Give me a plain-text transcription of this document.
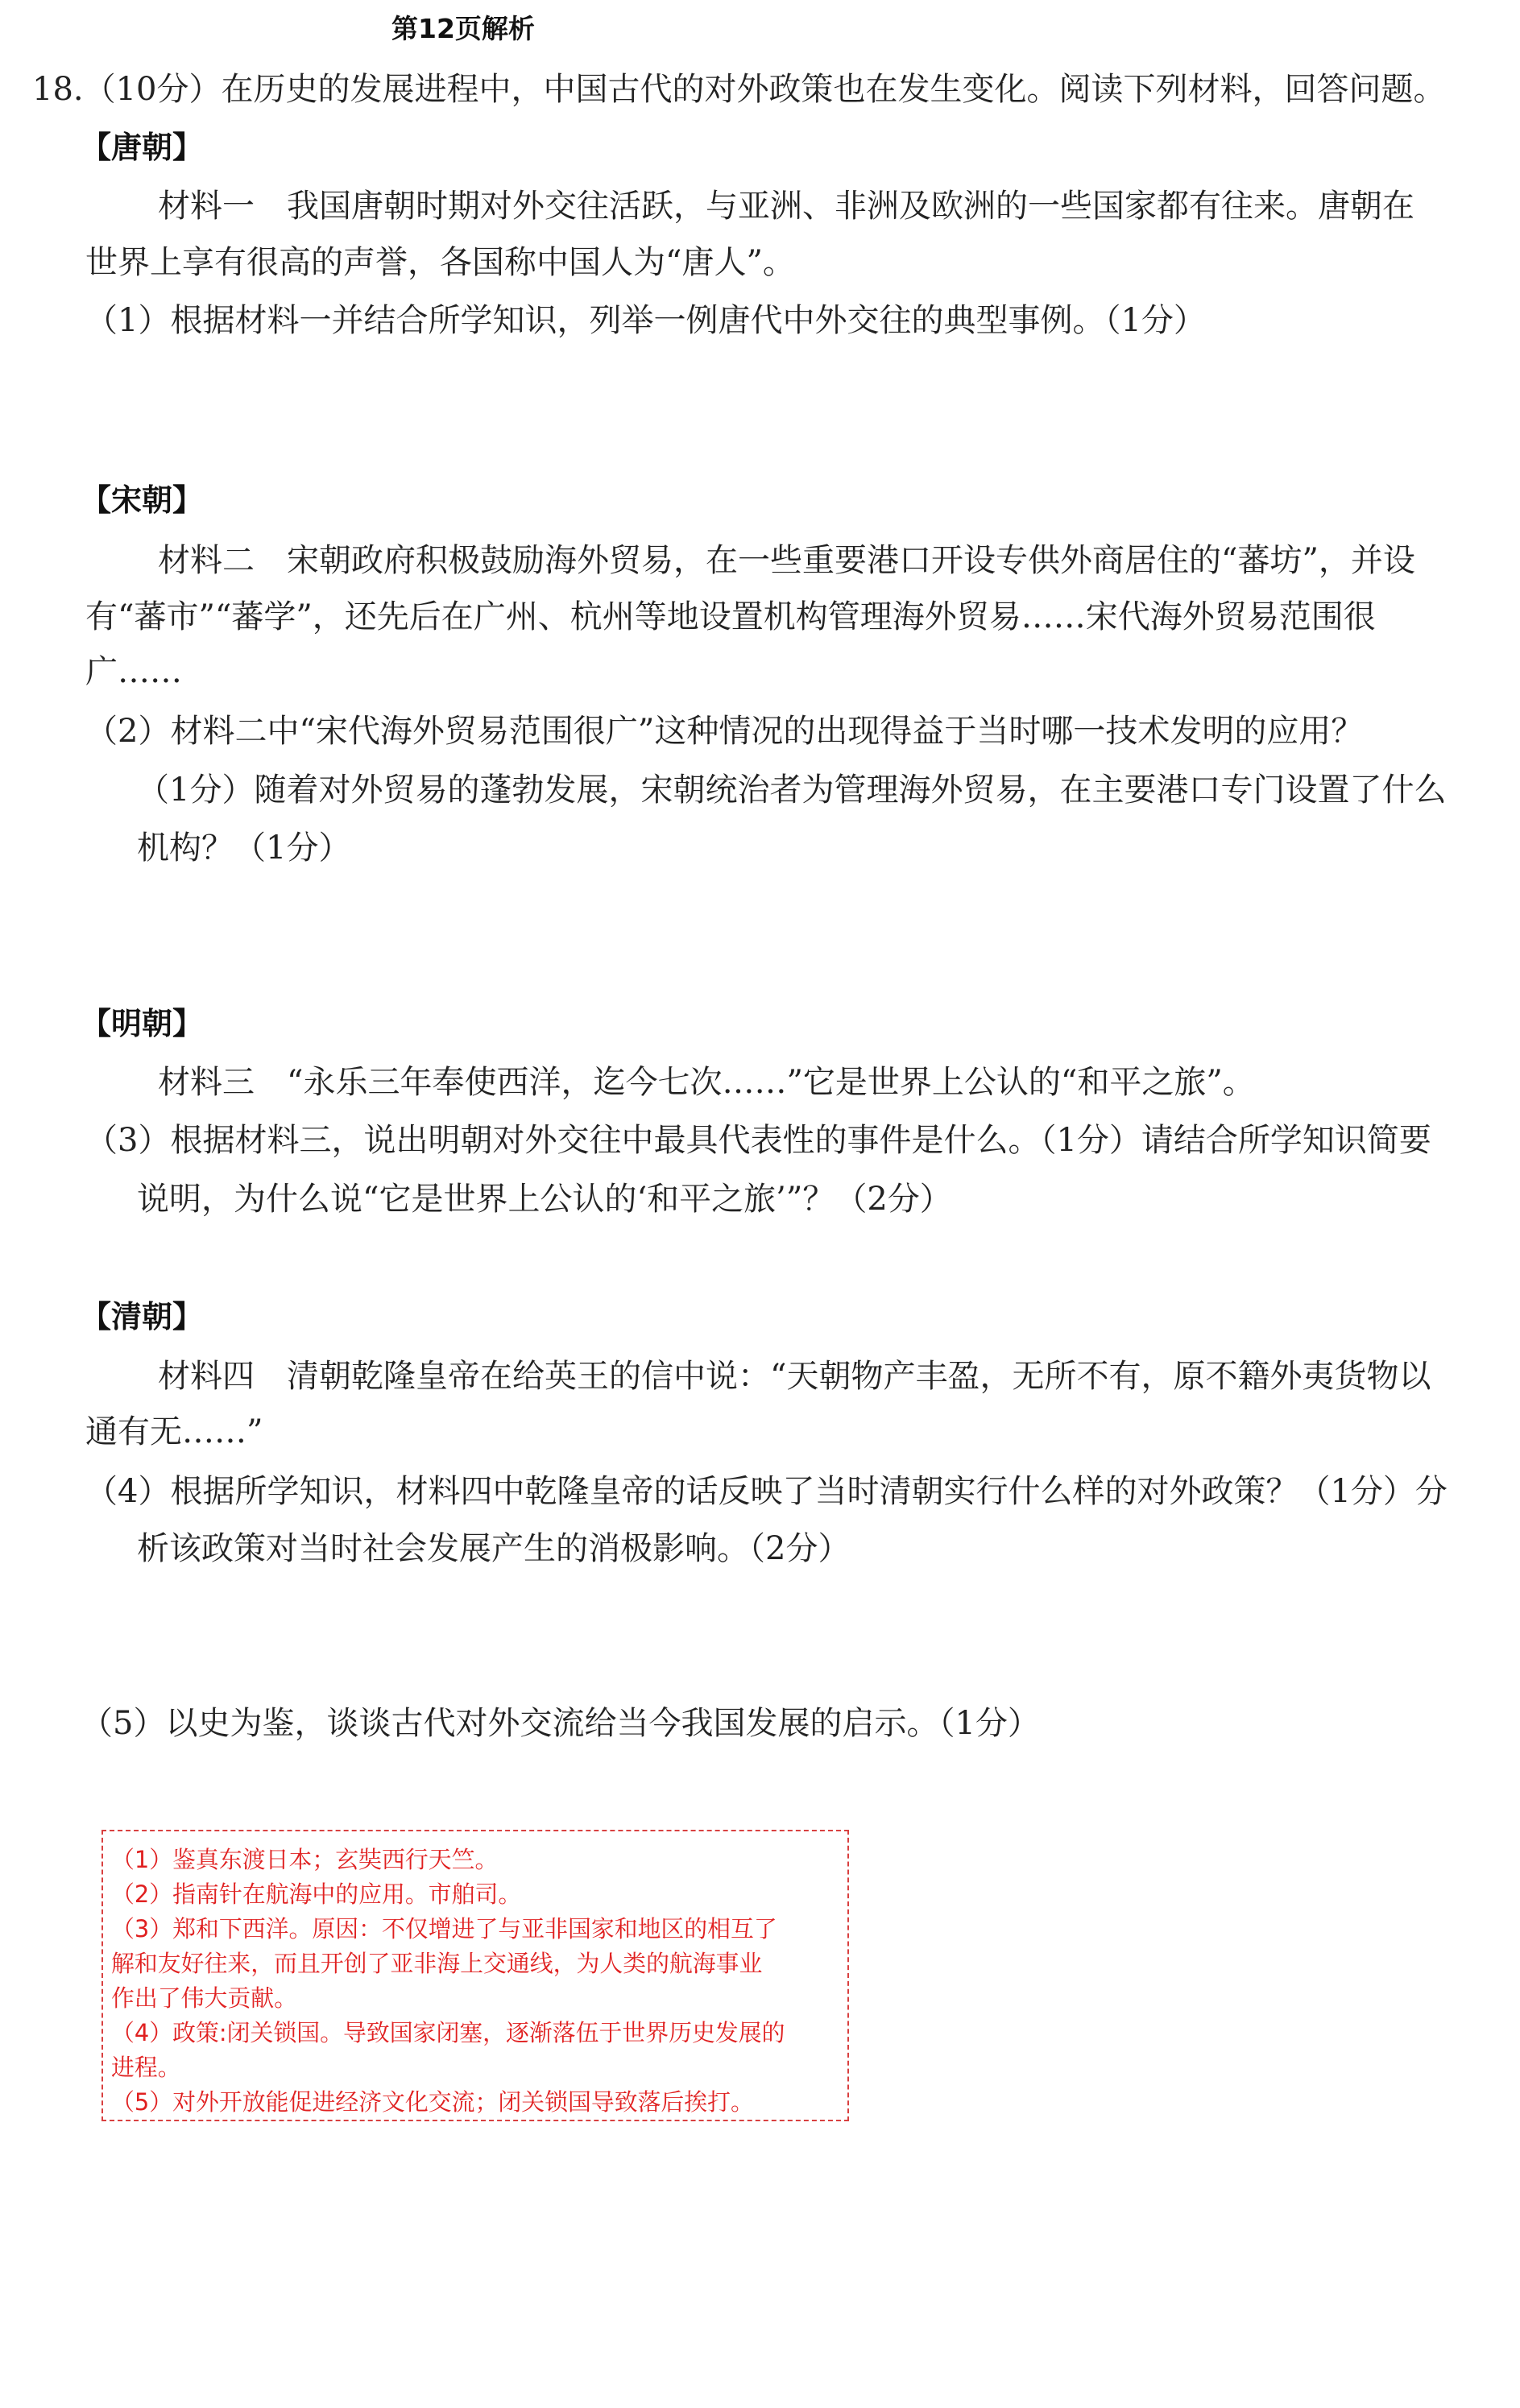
第12页解析
18.（10分）在历史的发展进程中，中国古代的对外政策也在发生变化。阅读下列材料，回答问题。
【唐朝】
材料一　我国唐朝时期对外交往活跃，与亚洲、非洲及欧洲的一些国家都有往来。唐朝在
世界上享有很高的声誉，各国称中国人为“唐人”。
（1）根据材料一并结合所学知识，列举一例唐代中外交往的典型事例。（1分）
【宋朝】
材料二　宋朝政府积极鼓励海外贸易，在一些重要港口开设专供外商居住的“蕃坊”，并设
有“蕃市”“蕃学”，还先后在广州、杭州等地设置机构管理海外贸易……宋代海外贸易范围很
广……
（2）材料二中“宋代海外贸易范围很广”这种情况的出现得益于当时哪一技术发明的应用？
（1分）随着对外贸易的蓬勃发展，宋朝统治者为管理海外贸易，在主要港口专门设置了什么
机构？（1分）
【明朝】
材料三　“永乐三年奉使西洋，迄今七次……”它是世界上公认的“和平之旅”。
（3）根据材料三，说出明朝对外交往中最具代表性的事件是什么。（1分）请结合所学知识简要
说明，为什么说“它是世界上公认的‘和平之旅’”？（2分）
【清朝】
材料四　清朝乾隆皇帝在给英王的信中说：“天朝物产丰盈，无所不有，原不籍外夷货物以
通有无……”
（4）根据所学知识，材料四中乾隆皇帝的话反映了当时清朝实行什么样的对外政策？（1分）分
析该政策对当时社会发展产生的消极影响。（2分）
（5）以史为鉴，谈谈古代对外交流给当今我国发展的启示。（1分）
（1）鉴真东渡日本；玄奘西行天竺。
（2）指南针在航海中的应用。市舶司。
（3）郑和下西洋。原因：不仅增进了与亚非国家和地区的相互了
解和友好往来，而且开创了亚非海上交通线，为人类的航海事业
作出了伟大贡献。
（4）政策:闭关锁国。导致国家闭塞，逐渐落伍于世界历史发展的
进程。
（5）对外开放能促进经济文化交流；闭关锁国导致落后挨打。
